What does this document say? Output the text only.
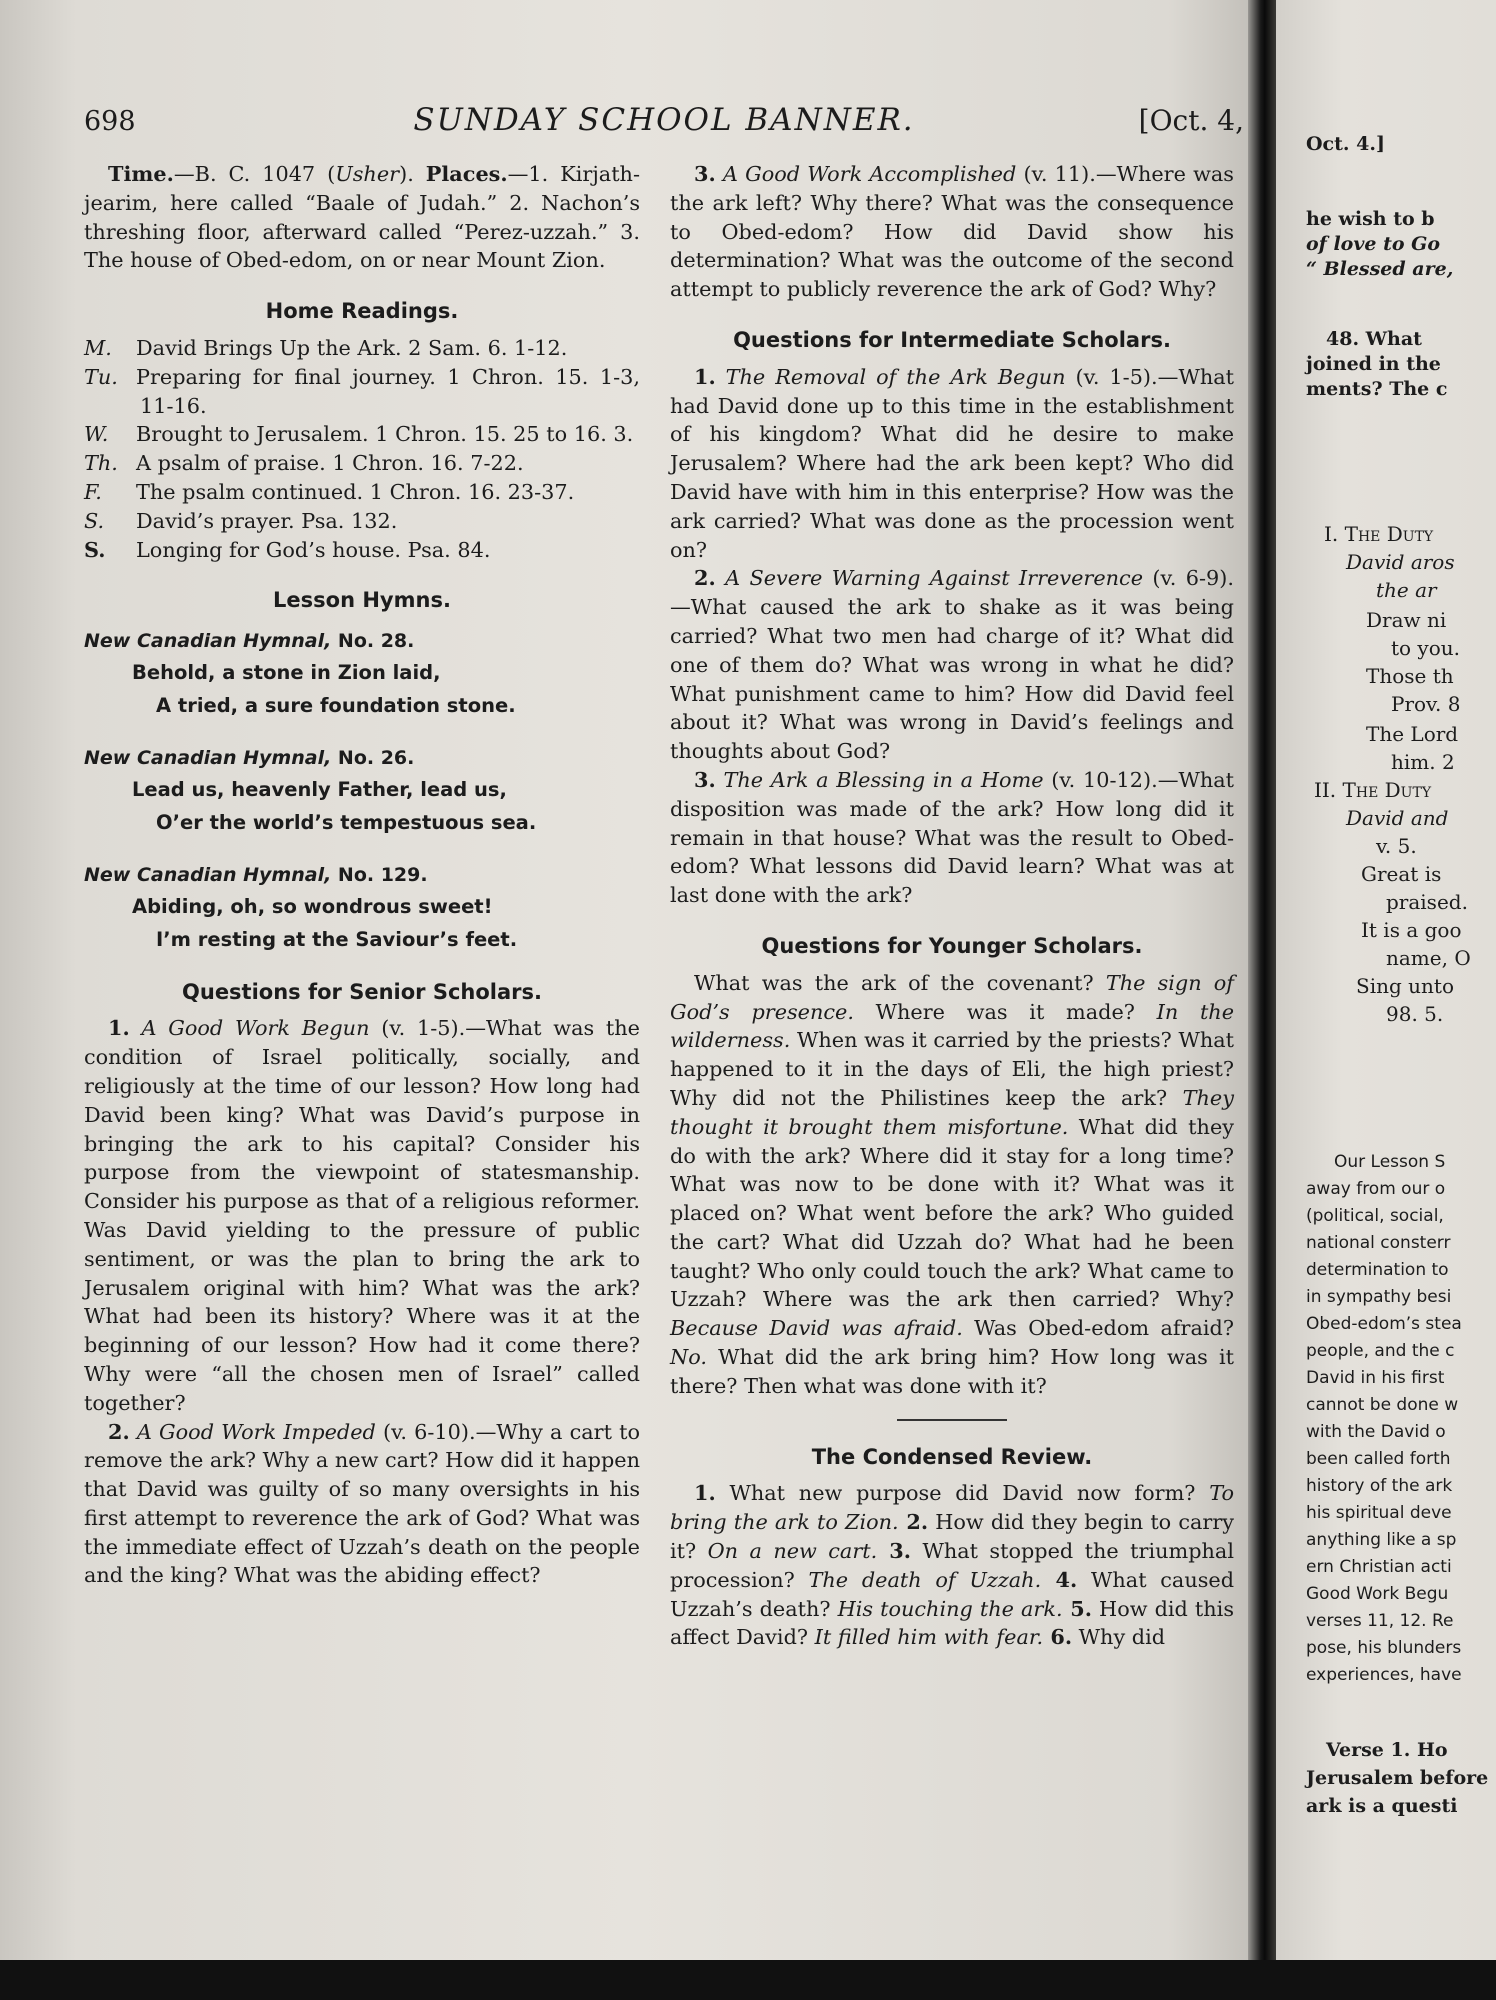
698	SUNDAY SCHOOL BANNER.	[Oct. 4,

Time.—B. C. 1047 (Usher). Places.—1. Kirjath-jearim, here called “Baale of Judah.” 2. Nachon’s threshing floor, afterward called “Perez-uzzah.” 3. The house of Obed-edom, on or near Mount Zion.

Home Readings.
M. David Brings Up the Ark. 2 Sam. 6. 1-12.
Tu. Preparing for final journey. 1 Chron. 15. 1-3, 11-16.
W. Brought to Jerusalem. 1 Chron. 15. 25 to 16. 3.
Th. A psalm of praise. 1 Chron. 16. 7-22.
F. The psalm continued. 1 Chron. 16. 23-37.
S. David’s prayer. Psa. 132.
S. Longing for God’s house. Psa. 84.
Lesson Hymns.
New Canadian Hymnal, No. 28.
Behold, a stone in Zion laid,
A tried, a sure foundation stone.
New Canadian Hymnal, No. 26.
Lead us, heavenly Father, lead us,
O’er the world’s tempestuous sea.
New Canadian Hymnal, No. 129.
Abiding, oh, so wondrous sweet!
I’m resting at the Saviour’s feet.
Questions for Senior Scholars.

1. A Good Work Begun (v. 1-5).—What was the condition of Israel politically, socially, and religiously at the time of our lesson? How long had David been king? What was David’s purpose in bringing the ark to his capital? Consider his purpose from the viewpoint of statesmanship. Consider his purpose as that of a religious reformer. Was David yielding to the pressure of public sentiment, or was the plan to bring the ark to Jerusalem original with him? What was the ark? What had been its history? Where was it at the beginning of our lesson? How had it come there? Why were “all the chosen men of Israel” called together?

2. A Good Work Impeded (v. 6-10).—Why a cart to remove the ark? Why a new cart? How did it happen that David was guilty of so many oversights in his first attempt to reverence the ark of God? What was the immediate effect of Uzzah’s death on the people and the king? What was the abiding effect?

3. A Good Work Accomplished (v. 11).—Where was the ark left? Why there? What was the consequence to Obed-edom? How did David show his determination? What was the outcome of the second attempt to publicly reverence the ark of God? Why?

Questions for Intermediate Scholars.

1. The Removal of the Ark Begun (v. 1-5).—What had David done up to this time in the establishment of his kingdom? What did he desire to make Jerusalem? Where had the ark been kept? Who did David have with him in this enterprise? How was the ark carried? What was done as the procession went on?

2. A Severe Warning Against Irreverence (v. 6-9).—What caused the ark to shake as it was being carried? What two men had charge of it? What did one of them do? What was wrong in what he did? What punishment came to him? How did David feel about it? What was wrong in David’s feelings and thoughts about God?

3. The Ark a Blessing in a Home (v. 10-12).—What disposition was made of the ark? How long did it remain in that house? What was the result to Obed-edom? What lessons did David learn? What was at last done with the ark?

Questions for Younger Scholars.

What was the ark of the covenant? The sign of God’s presence. Where was it made? In the wilderness. When was it carried by the priests? What happened to it in the days of Eli, the high priest? Why did not the Philistines keep the ark? They thought it brought them misfortune. What did they do with the ark? Where did it stay for a long time? What was now to be done with it? What was it placed on? What went before the ark? Who guided the cart? What did Uzzah do? What had he been taught? Who only could touch the ark? What came to Uzzah? Where was the ark then carried? Why? Because David was afraid. Was Obed-edom afraid? No. What did the ark bring him? How long was it there? Then what was done with it?

The Condensed Review.

1. What new purpose did David now form? To bring the ark to Zion. 2. How did they begin to carry it? On a new cart. 3. What stopped the triumphal procession? The death of Uzzah. 4. What caused Uzzah’s death? His touching the ark. 5. How did this affect David? It filled him with fear. 6. Why did

Oct. 4.]
he wish to b
of love to Go
“ Blessed are,
48. What
joined in the
ments? The c
I. The Duty
David aros
the ar
Draw ni
to you.
Those th
Prov. 8
The Lord
him. 2
II. The Duty
David and
v. 5.
Great is
praised.
It is a goo
name, O
Sing unto
98. 5.
Our Lesson S
away from our o
(political, social,
national consterr
determination to
in sympathy besi
Obed-edom’s stea
people, and the c
David in his first
cannot be done w
with the David o
been called forth
history of the ark
his spiritual deve
anything like a sp
ern Christian acti
Good Work Begu
verses 11, 12. Re
pose, his blunders
experiences, have
Verse 1. Ho
Jerusalem before
ark is a questi
